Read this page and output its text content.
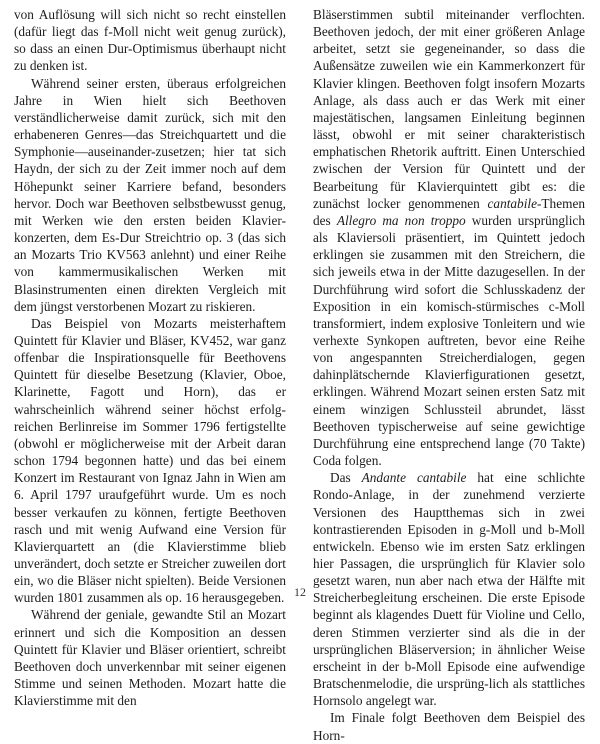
von Auflösung will sich nicht so recht einstellen (dafür liegt das f-Moll nicht weit genug zurück), so dass an einen Dur-Optimismus überhaupt nicht zu denken ist.

Während seiner ersten, überaus erfolgreichen Jahre in Wien hielt sich Beethoven verständlicherweise damit zurück, sich mit den erhabeneren Genres—das Streichquartett und die Symphonie—auseinander-zusetzen; hier tat sich Haydn, der sich zu der Zeit immer noch auf dem Höhepunkt seiner Karriere befand, besonders hervor. Doch war Beethoven selbstbewusst genug, mit Werken wie den ersten beiden Klavier-konzerten, dem Es-Dur Streichtrio op. 3 (das sich an Mozarts Trio KV563 anlehnt) und einer Reihe von kammermusikalischen Werken mit Blasinstrumenten einen direkten Vergleich mit dem jüngst verstorbenen Mozart zu riskieren.

Das Beispiel von Mozarts meisterhaftem Quintett für Klavier und Bläser, KV452, war ganz offenbar die Inspirationsquelle für Beethovens Quintett für dieselbe Besetzung (Klavier, Oboe, Klarinette, Fagott und Horn), das er wahrscheinlich während seiner höchst erfolg-reichen Berlinreise im Sommer 1796 fertigstellte (obwohl er möglicherweise mit der Arbeit daran schon 1794 begonnen hatte) und das bei einem Konzert im Restaurant von Ignaz Jahn in Wien am 6. April 1797 uraufgeführt wurde. Um es noch besser verkaufen zu können, fertigte Beethoven rasch und mit wenig Aufwand eine Version für Klavierquartett an (die Klavierstimme blieb unverändert, doch setzte er Streicher zuweilen dort ein, wo die Bläser nicht spielten). Beide Versionen wurden 1801 zusammen als op. 16 herausgegeben.

Während der geniale, gewandte Stil an Mozart erinnert und sich die Komposition an dessen Quintett für Klavier und Bläser orientiert, schreibt Beethoven doch unverkennbar mit seiner eigenen Stimme und seinen Methoden. Mozart hatte die Klavierstimme mit den

Bläserstimmen subtil miteinander verflochten. Beethoven jedoch, der mit einer größeren Anlage arbeitet, setzt sie gegeneinander, so dass die Außensätze zuweilen wie ein Kammerkonzert für Klavier klingen. Beethoven folgt insofern Mozarts Anlage, als dass auch er das Werk mit einer majestätischen, langsamen Einleitung beginnen lässt, obwohl er mit seiner charakteristisch emphatischen Rhetorik auftritt. Einen Unterschied zwischen der Version für Quintett und der Bearbeitung für Klavierquintett gibt es: die zunächst locker genommenen cantabile-Themen des Allegro ma non troppo wurden ursprünglich als Klaviersoli präsentiert, im Quintett jedoch erklingen sie zusammen mit den Streichern, die sich jeweils etwa in der Mitte dazugesellen. In der Durchführung wird sofort die Schlusskadenz der Exposition in ein komisch-stürmisches c-Moll transformiert, indem explosive Tonleitern und wie verhexte Synkopen auftreten, bevor eine Reihe von angespannten Streicherdialogen, gegen dahinplätschernde Klavierfigurationen gesetzt, erklingen. Während Mozart seinen ersten Satz mit einem winzigen Schlussteil abrundet, lässt Beethoven typischerweise auf seine gewichtige Durchführung eine entsprechend lange (70 Takte) Coda folgen.

Das Andante cantabile hat eine schlichte Rondo-Anlage, in der zunehmend verzierte Versionen des Hauptthemas sich in zwei kontrastierenden Episoden in g-Moll und b-Moll entwickeln. Ebenso wie im ersten Satz erklingen hier Passagen, die ursprünglich für Klavier solo gesetzt waren, nun aber nach etwa der Hälfte mit Streicherbegleitung erscheinen. Die erste Episode beginnt als klagendes Duett für Violine und Cello, deren Stimmen verzierter sind als die in der ursprünglichen Bläserversion; in ähnlicher Weise erscheint in der b-Moll Episode eine aufwendige Bratschenmelodie, die ursprüng-lich als stattliches Hornsolo angelegt war.

Im Finale folgt Beethoven dem Beispiel des Horn-

12
